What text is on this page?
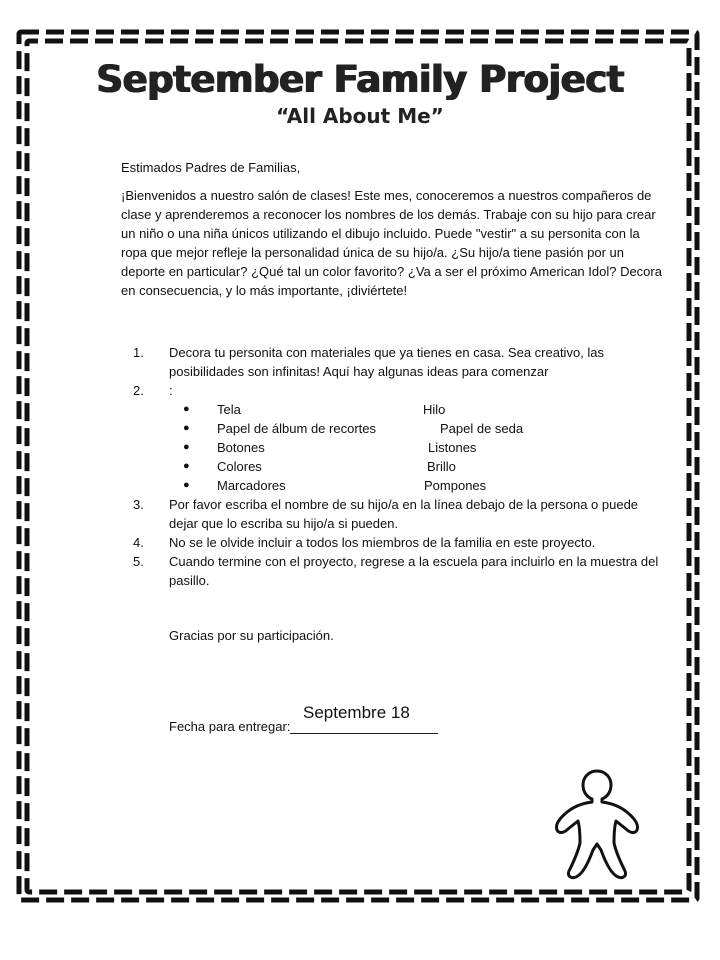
September Family Project
“All About Me”
Estimados Padres de Familias,
¡Bienvenidos a nuestro salón de clases! Este mes, conoceremos a nuestros compañeros de clase y aprenderemos a reconocer los nombres de los demás. Trabaje con su hijo para crear un niño o una niña únicos utilizando el dibujo incluido. Puede "vestir" a su personita con la ropa que mejor refleje la personalidad única de su hijo/a. ¿Su hijo/a tiene pasión por un deporte en particular? ¿Qué tal un color favorito? ¿Va a ser el próximo American Idol? Decora en consecuencia, y lo más importante, ¡diviértete!
1. Decora tu personita con materiales que ya tienes en casa. Sea creativo, las posibilidades son infinitas! Aquí hay algunas ideas para comenzar
2. :
● Tela	Hilo
● Papel de álbum de recortes	Papel de seda
● Botones	Listones
● Colores	Brillo
● Marcadores	Pompones
3. Por favor escriba el nombre de su hijo/a en la línea debajo de la persona o puede dejar que lo escriba su hijo/a si pueden.
4. No se le olvide incluir a todos los miembros de la familia en este proyecto.
5. Cuando termine con el proyecto, regrese a la escuela para incluirlo en la muestra del pasillo.
Gracias por su participación.
Septembre 18
Fecha para entregar:
